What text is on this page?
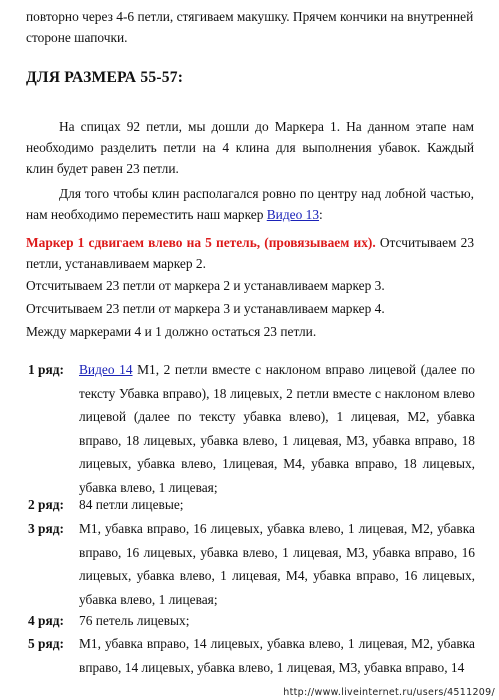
повторно через 4-6 петли, стягиваем макушку. Прячем кончики на внутренней
стороне шапочки.

ДЛЯ РАЗМЕРА 55-57:

На спицах 92 петли, мы дошли до Маркера 1. На данном этапе нам необходимо разделить петли на 4 клина для выполнения убавок. Каждый клин будет равен 23 петли.

Для того чтобы клин располагался ровно по центру над лобной частью, нам необходимо переместить наш маркер Видео 13:

Маркер 1 сдвигаем влево на 5 петель, (провязываем их). Отсчитываем 23 петли, устанавливаем маркер 2.

Отсчитываем 23 петли от маркера 2 и устанавливаем маркер 3.

Отсчитываем 23 петли от маркера 3 и устанавливаем маркер 4.

Между маркерами 4 и 1 должно остаться 23 петли.

1 ряд:	Видео 14 M1, 2 петли вместе с наклоном вправо лицевой (далее по тексту Убавка вправо), 18 лицевых, 2 петли вместе с наклоном влево лицевой (далее по тексту убавка влево), 1 лицевая, M2, убавка вправо, 18 лицевых, убавка влево, 1 лицевая, M3, убавка вправо, 18 лицевых, убавка влево, 1лицевая, M4, убавка вправо, 18 лицевых, убавка влево, 1 лицевая;

2 ряд:	84 петли лицевые;

3 ряд:	M1, убавка вправо, 16 лицевых, убавка влево, 1 лицевая, M2, убавка вправо, 16 лицевых, убавка влево, 1 лицевая, M3, убавка вправо, 16 лицевых, убавка влево, 1 лицевая, M4, убавка вправо, 16 лицевых, убавка влево, 1 лицевая;

4 ряд:	76 петель лицевых;

5 ряд:	M1, убавка вправо, 14 лицевых, убавка влево, 1 лицевая, M2, убавка вправо, 14 лицевых, убавка влево, 1 лицевая, M3, убавка вправо, 14

http://www.liveinternet.ru/users/4511209/
